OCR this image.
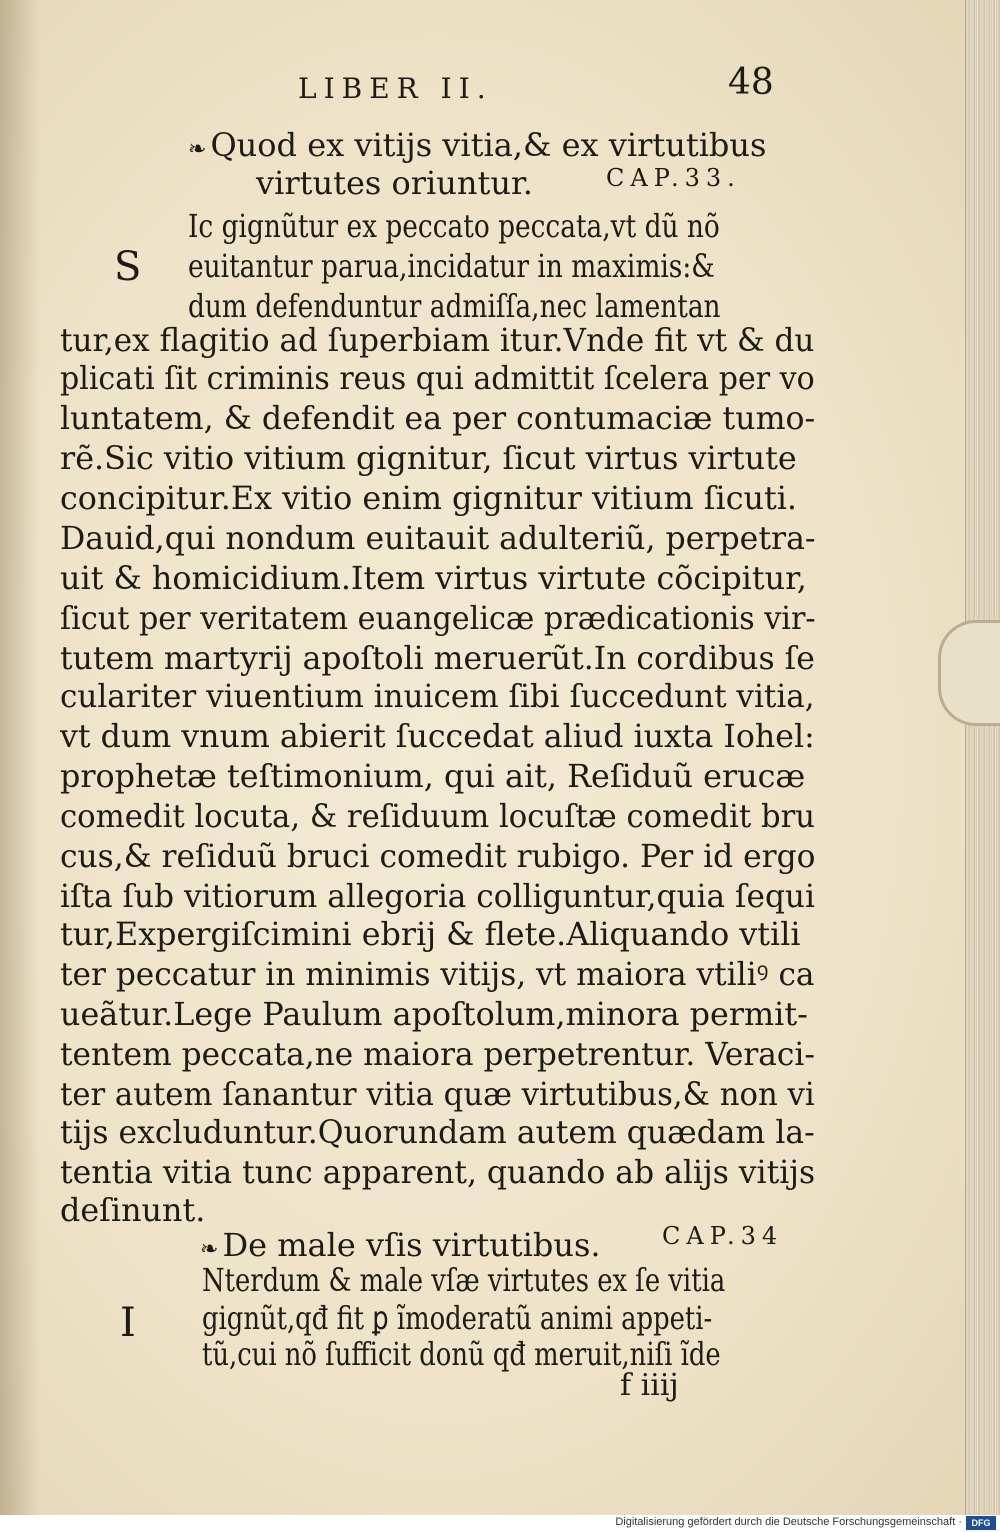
LIBER II.	48
❧ Quod ex vitijs vitia,& ex virtutibus
virtutes oriuntur.	CAP.33.
S
Ic gignũtur ex peccato peccata,vt dũ nõ
euitantur parua,incidatur in maximis:&
dum defenduntur admiſſa,nec lamentan
tur,ex flagitio ad ſuperbiam itur.Vnde fit vt & du
plicati ſit criminis reus qui admittit ſcelera per vo
luntatem, & defendit ea per contumaciæ tumo-
rẽ.Sic vitio vitium gignitur, ſicut virtus virtute
concipitur.Ex vitio enim gignitur vitium ſicuti.
Dauid,qui nondum euitauit adulteriũ, perpetra-
uit & homicidium.Item virtus virtute cõcipitur,
ſicut per veritatem euangelicæ prædicationis vir-
tutem martyrij apoſtoli meruerũt.In cordibus ſe
culariter viuentium inuicem ſibi ſuccedunt vitia,
vt dum vnum abierit ſuccedat aliud iuxta Iohel:
prophetæ teſtimonium, qui ait, Reſiduũ erucæ
comedit locuta, & reſiduum locuſtæ comedit bru
cus,& reſiduũ bruci comedit rubigo. Per id ergo
iſta ſub vitiorum allegoria colliguntur,quia ſequi
tur,Expergiſcimini ebrij & flete.Aliquando vtili
ter peccatur in minimis vitijs, vt maiora vtiliꝰ ca
ueãtur.Lege Paulum apoſtolum,minora permit-
tentem peccata,ne maiora perpetrentur. Veraci-
ter autem ſanantur vitia quæ virtutibus,& non vi
tijs excluduntur.Quorundam autem quædam la-
tentia vitia tunc apparent, quando ab alijs vitijs
deſinunt.
❧ De male vſis virtutibus.	CAP.34
I
Nterdum & male vſæ virtutes ex ſe vitia
gignũt,qđ fit ꝑ ĩmoderatũ animi appeti-
tũ,cui nõ ſufficit donũ qđ meruit,niſi ĩde
f iiij
Digitalisierung gefördert durch die Deutsche Forschungsgemeinschaft ·	DFG
